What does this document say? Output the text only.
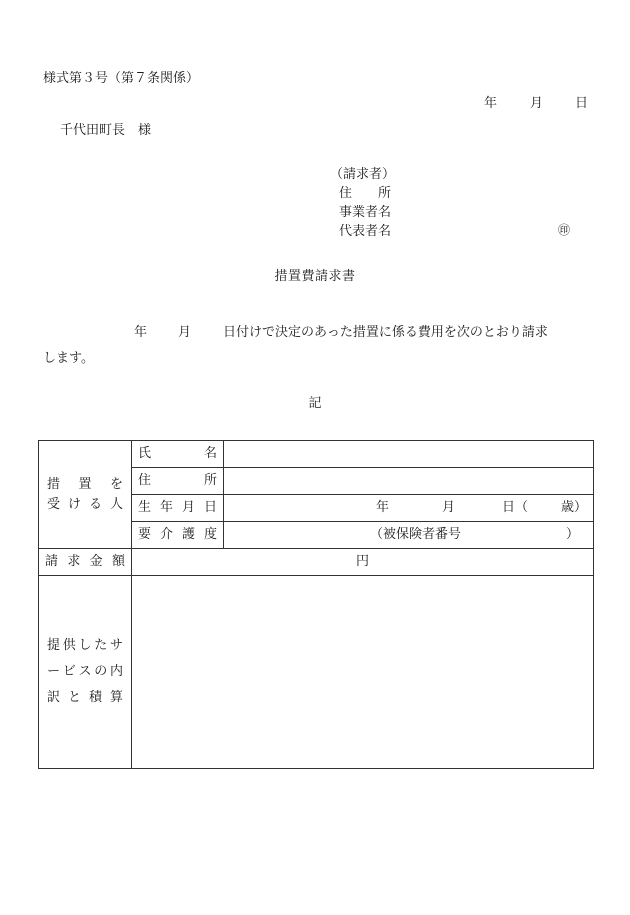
様式第３号（第７条関係）
年	月 日
千代田町長　様
（請求者）
住　　所
事業者名
代表者名	㊞
措置費請求書
年 月 日付けで決定のあった措置に係る費用を次のとおり請求
します。
記
措　置　を
受ける人	氏名	

	住所	

	生年月日	年 月 日（ 歳）

	要介護度	（被保険者番号 ）

請求金額	円	

提供したサ
ービスの内
訳と積算		
